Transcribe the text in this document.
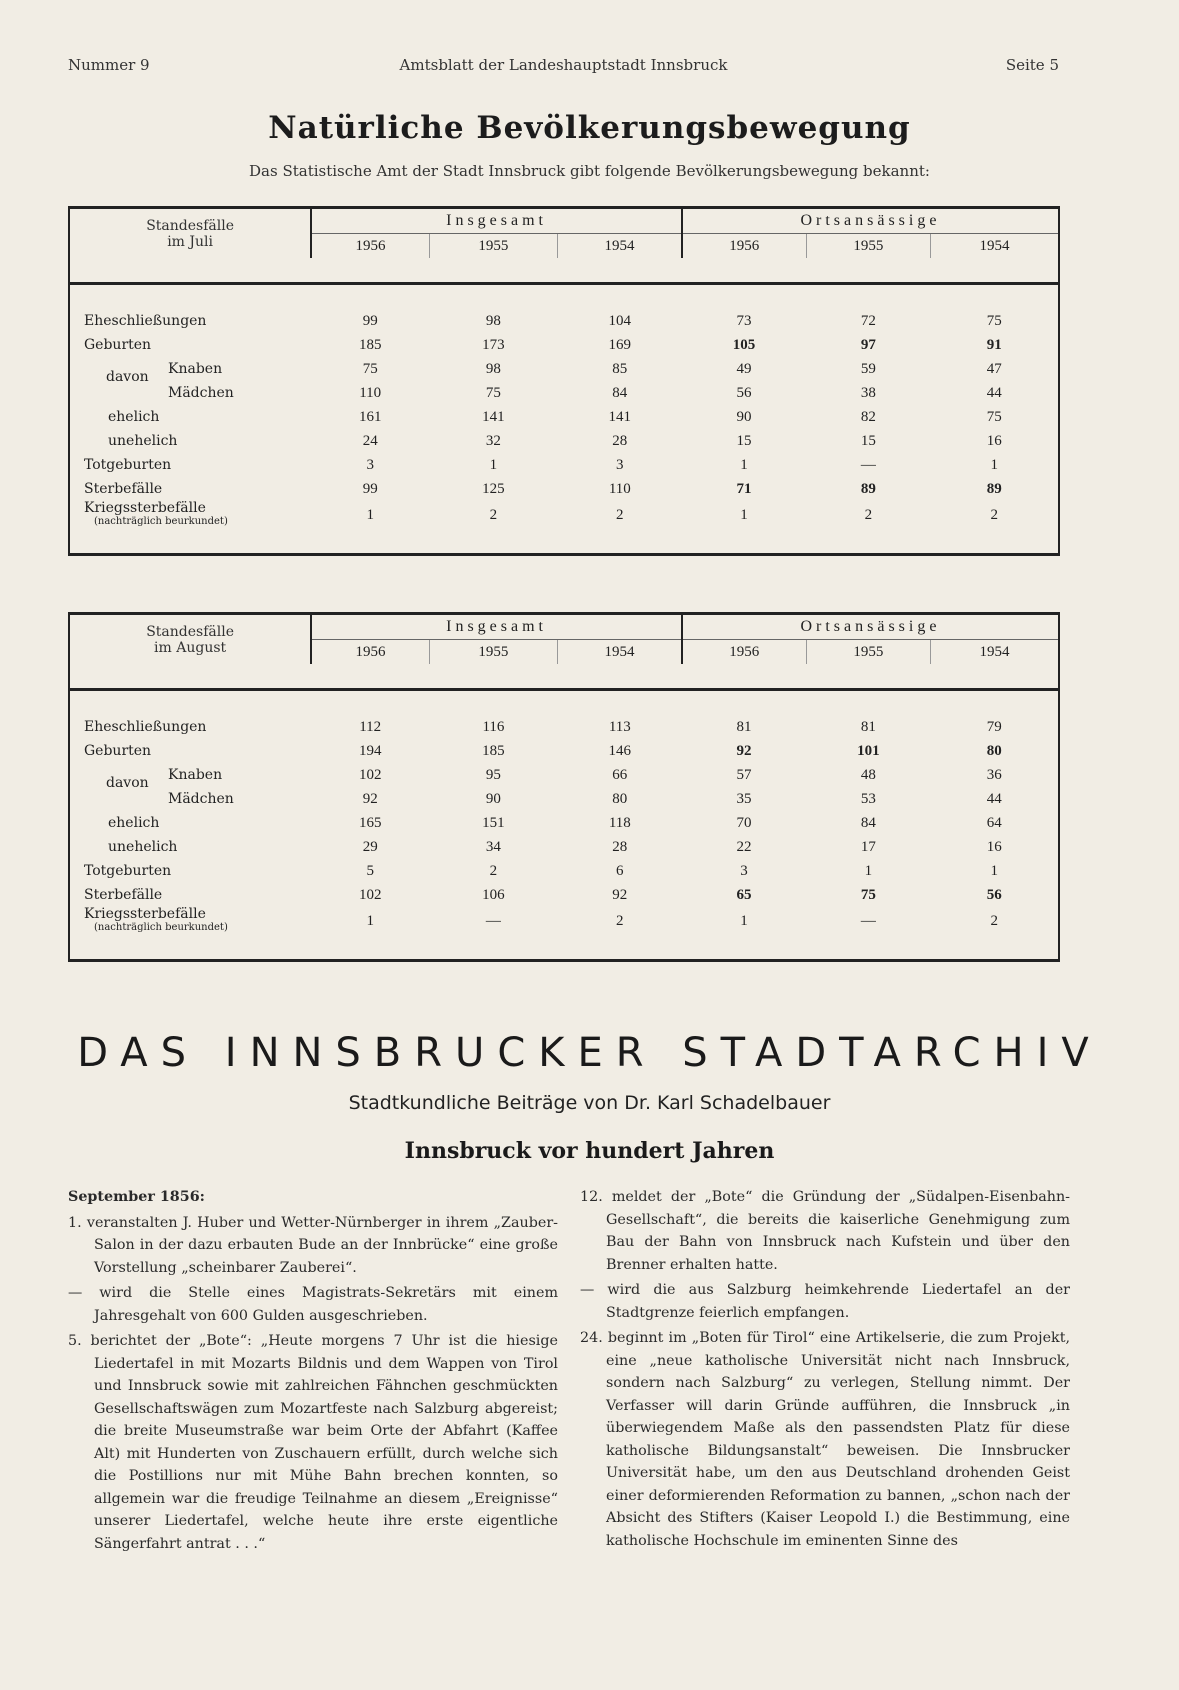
Nummer 9	Amtsblatt der Landeshauptstadt Innsbruck	Seite 5
Natürliche Bevölkerungsbewegung
Das Statistische Amt der Stadt Innsbruck gibt folgende Bevölkerungsbewegung bekannt:
Standesfälle
im Juli	Insgesamt			Ortsansässige		
	1956	1955	1954	1956	1955	1954

Eheschließungen	99	98	104	73	72	75
Geburten	185	173	169	105	97	91

davon Knaben	75	98	85	49	59	47
Mädchen	110	75	84	56	38	44
ehelich	161	141	141	90	82	75
unehelich	24	32	28	15	15	16
Totgeburten	3	1	3	1	—	1
Sterbefälle	99	125	110	71	89	89
Kriegssterbefälle
(nachträglich beurkundet)	1	2	2	1	2	2

Standesfälle
im August	Insgesamt			Ortsansässige		
	1956	1955	1954	1956	1955	1954

Eheschließungen	112	116	113	81	81	79
Geburten	194	185	146	92	101	80

davon Knaben	102	95	66	57	48	36
Mädchen	92	90	80	35	53	44
ehelich	165	151	118	70	84	64
unehelich	29	34	28	22	17	16
Totgeburten	5	2	6	3	1	1
Sterbefälle	102	106	92	65	75	56
Kriegssterbefälle
(nachträglich beurkundet)	1	—	2	1	—	2

DAS INNSBRUCKER STADTARCHIV
Stadtkundliche Beiträge von Dr. Karl Schadelbauer
Innsbruck vor hundert Jahren

September 1856:

1. veranstalten J. Huber und Wetter-Nürnberger in ihrem „Zauber-Salon in der dazu erbauten Bude an der Innbrücke“ eine große Vorstellung „scheinbarer Zauberei“.

— wird die Stelle eines Magistrats-Sekretärs mit einem Jahresgehalt von 600 Gulden ausgeschrieben.

5. berichtet der „Bote“: „Heute morgens 7 Uhr ist die hiesige Liedertafel in mit Mozarts Bildnis und dem Wappen von Tirol und Innsbruck sowie mit zahlreichen Fähnchen geschmückten Gesellschaftswägen zum Mozartfeste nach Salzburg abgereist; die breite Museumstraße war beim Orte der Abfahrt (Kaffee Alt) mit Hunderten von Zuschauern erfüllt, durch welche sich die Postillions nur mit Mühe Bahn brechen konnten, so allgemein war die freudige Teilnahme an diesem „Ereignisse“ unserer Liedertafel, welche heute ihre erste eigentliche Sängerfahrt antrat . . .“

12. meldet der „Bote“ die Gründung der „Südalpen-Eisenbahn-Gesellschaft“, die bereits die kaiserliche Genehmigung zum Bau der Bahn von Innsbruck nach Kufstein und über den Brenner erhalten hatte.

— wird die aus Salzburg heimkehrende Liedertafel an der Stadtgrenze feierlich empfangen.

24. beginnt im „Boten für Tirol“ eine Artikelserie, die zum Projekt, eine „neue katholische Universität nicht nach Innsbruck, sondern nach Salzburg“ zu verlegen, Stellung nimmt. Der Verfasser will darin Gründe aufführen, die Innsbruck „in überwiegendem Maße als den passendsten Platz für diese katholische Bildungsanstalt“ beweisen. Die Innsbrucker Universität habe, um den aus Deutschland drohenden Geist einer deformierenden Reformation zu bannen, „schon nach der Absicht des Stifters (Kaiser Leopold I.) die Bestimmung, eine katholische Hochschule im eminenten Sinne des
